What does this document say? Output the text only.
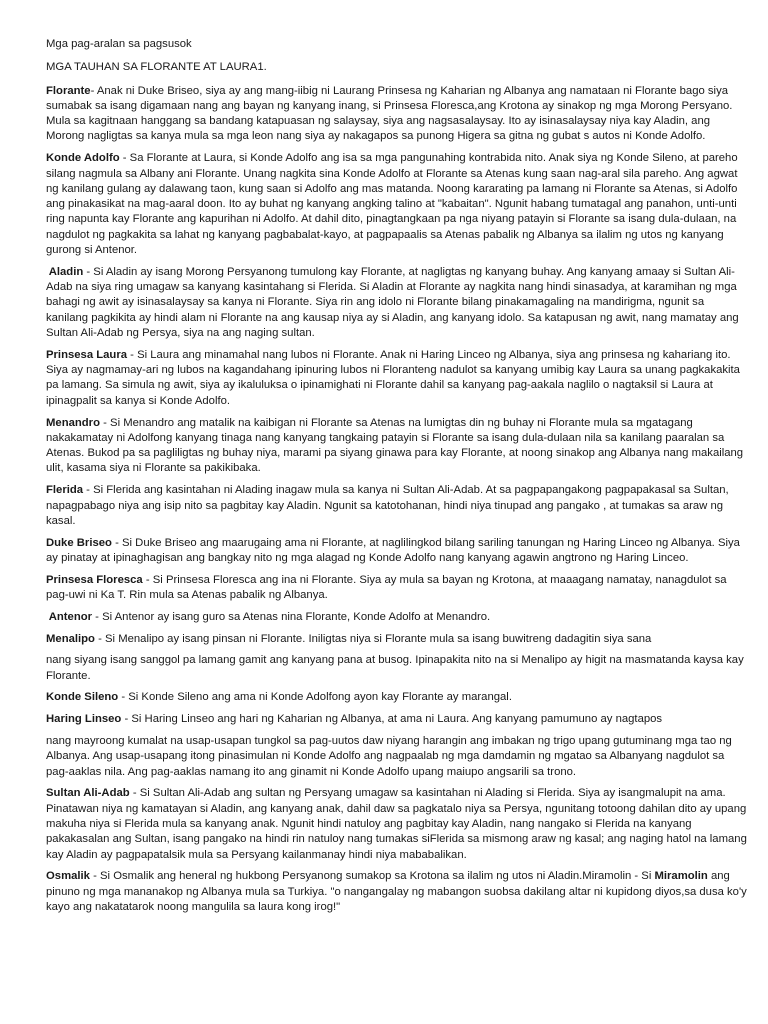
Mga pag-aralan sa pagsusok

MGA TAUHAN SA FLORANTE AT LAURA1.

Florante- Anak ni Duke Briseo, siya ay ang mang-iibig ni Laurang Prinsesa ng Kaharian ng Albanya ang namataan ni Florante bago siya sumabak sa isang digamaan nang ang bayan ng kanyang inang, si Prinsesa Floresca,ang Krotona ay sinakop ng mga Morong Persyano. Mula sa kagitnaan hanggang sa bandang katapuasan ng salaysay, siya ang nagsasalaysay. Ito ay isinasalaysay niya kay Aladin, ang Morong nagligtas sa kanya mula sa mga leon nang siya ay nakagapos sa punong Higera sa gitna ng gubat s autos ni Konde Adolfo.

Konde Adolfo - Sa Florante at Laura, si Konde Adolfo ang isa sa mga pangunahing kontrabida nito. Anak siya ng Konde Sileno, at pareho silang nagmula sa Albany ani Florante. Unang nagkita sina Konde Adolfo at Florante sa Atenas kung saan nag-aral sila pareho. Ang agwat ng kanilang gulang ay dalawang taon, kung saan si Adolfo ang mas matanda. Noong kararating pa lamang ni Florante sa Atenas, si Adolfo ang pinakasikat na mag-aaral doon. Ito ay buhat ng kanyang angking talino at "kabaitan". Ngunit habang tumatagal ang panahon, unti-unti ring napunta kay Florante ang kapurihan ni Adolfo. At dahil dito, pinagtangkaan pa nga niyang patayin si Florante sa isang dula-dulaan, na nagdulot ng pagkakita sa lahat ng kanyang pagbabalat-kayo, at pagpapaalis sa Atenas pabalik ng Albanya sa ilalim ng utos ng kanyang gurong si Antenor.

Aladin - Si Aladin ay isang Morong Persyanong tumulong kay Florante, at nagligtas ng kanyang buhay. Ang kanyang amaay si Sultan Ali-Adab na siya ring umagaw sa kanyang kasintahang si Flerida. Si Aladin at Florante ay nagkita nang hindi sinasadya, at karamihan ng mga bahagi ng awit ay isinasalaysay sa kanya ni Florante. Siya rin ang idolo ni Florante bilang pinakamagaling na mandirigma, ngunit sa kanilang pagkikita ay hindi alam ni Florante na ang kausap niya ay si Aladin, ang kanyang idolo. Sa katapusan ng awit, nang mamatay ang Sultan Ali-Adab ng Persya, siya na ang naging sultan.

Prinsesa Laura - Si Laura ang minamahal nang lubos ni Florante. Anak ni Haring Linceo ng Albanya, siya ang prinsesa ng kahariang ito. Siya ay nagmamay-ari ng lubos na kagandahang ipinuring lubos ni Floranteng nadulot sa kanyang umibig kay Laura sa unang pagkakakita pa lamang. Sa simula ng awit, siya ay ikaluluksa o ipinamighati ni Florante dahil sa kanyang pag-aakala naglilo o nagtaksil si Laura at ipinagpalit sa kanya si Konde Adolfo.

Menandro - Si Menandro ang matalik na kaibigan ni Florante sa Atenas na lumigtas din ng buhay ni Florante mula sa mgatagang nakakamatay ni Adolfong kanyang tinaga nang kanyang tangkaing patayin si Florante sa isang dula-dulaan nila sa kanilang paaralan sa Atenas. Bukod pa sa pagliligtas ng buhay niya, marami pa siyang ginawa para kay Florante, at noong sinakop ang Albanya nang makailang ulit, kasama siya ni Florante sa pakikibaka.

Flerida - Si Flerida ang kasintahan ni Alading inagaw mula sa kanya ni Sultan Ali-Adab. At sa pagpapangakong pagpapakasal sa Sultan, napagpabago niya ang isip nito sa pagbitay kay Aladin. Ngunit sa katotohanan, hindi niya tinupad ang pangako , at tumakas sa araw ng kasal.

Duke Briseo - Si Duke Briseo ang maarugaing ama ni Florante, at naglilingkod bilang sariling tanungan ng Haring Linceo ng Albanya. Siya ay pinatay at ipinaghagisan ang bangkay nito ng mga alagad ng Konde Adolfo nang kanyang agawin angtrono ng Haring Linceo.

Prinsesa Floresca - Si Prinsesa Floresca ang ina ni Florante. Siya ay mula sa bayan ng Krotona, at maaagang namatay, nanagdulot sa pag-uwi ni Ka T. Rin mula sa Atenas pabalik ng Albanya.

Antenor - Si Antenor ay isang guro sa Atenas nina Florante, Konde Adolfo at Menandro.

Menalipo - Si Menalipo ay isang pinsan ni Florante. Iniligtas niya si Florante mula sa isang buwitreng dadagitin siya sana

nang siyang isang sanggol pa lamang gamit ang kanyang pana at busog. Ipinapakita nito na si Menalipo ay higit na masmatanda kaysa kay Florante.

Konde Sileno - Si Konde Sileno ang ama ni Konde Adolfong ayon kay Florante ay marangal.

Haring Linseo - Si Haring Linseo ang hari ng Kaharian ng Albanya, at ama ni Laura. Ang kanyang pamumuno ay nagtapos

nang mayroong kumalat na usap-usapan tungkol sa pag-uutos daw niyang harangin ang imbakan ng trigo upang gutuminang mga tao ng Albanya. Ang usap-usapang itong pinasimulan ni Konde Adolfo ang nagpaalab ng mga damdamin ng mgatao sa Albanyang nagdulot sa pag-aaklas nila. Ang pag-aaklas namang ito ang ginamit ni Konde Adolfo upang maiupo angsarili sa trono.

Sultan Ali-Adab - Si Sultan Ali-Adab ang sultan ng Persyang umagaw sa kasintahan ni Alading si Flerida. Siya ay isangmalupit na ama. Pinatawan niya ng kamatayan si Aladin, ang kanyang anak, dahil daw sa pagkatalo niya sa Persya, ngunitang totoong dahilan dito ay upang makuha niya si Flerida mula sa kanyang anak. Ngunit hindi natuloy ang pagbitay kay Aladin, nang nangako si Flerida na kanyang pakakasalan ang Sultan, isang pangako na hindi rin natuloy nang tumakas siFlerida sa mismong araw ng kasal; ang naging hatol na lamang kay Aladin ay pagpapatalsik mula sa Persyang kailanmanay hindi niya mababalikan.

Osmalik - Si Osmalik ang heneral ng hukbong Persyanong sumakop sa Krotona sa ilalim ng utos ni Aladin.Miramolin - Si Miramolin ang pinuno ng mga mananakop ng Albanya mula sa Turkiya. "o nangangalay ng mabangon suobsa dakilang altar ni kupidong diyos,sa dusa ko'y kayo ang nakatatarok noong mangulila sa laura kong irog!"
